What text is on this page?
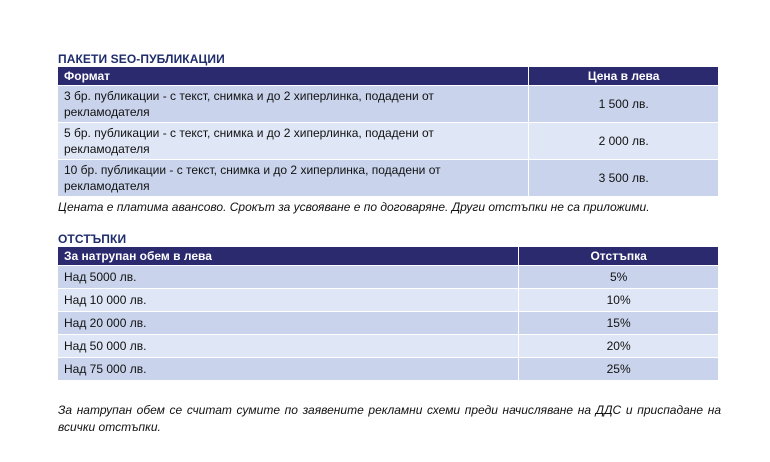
ПАКЕТИ SEO-ПУБЛИКАЦИИ
Формат	Цена в лева
3 бр. публикации - с текст, снимка и до 2 хиперлинка, подадени от рекламодателя	1 500 лв.
5 бр. публикации - с текст, снимка и до 2 хиперлинка, подадени от рекламодателя	2 000 лв.
10 бр. публикации - с текст, снимка и до 2 хиперлинка, подадени от рекламодателя	3 500 лв.
Цената е платима авансово. Срокът за усвояване е по договаряне. Други отстъпки не са приложими.
ОТСТЪПКИ
За натрупан обем в лева	Отстъпка
Над 5000 лв.	5%
Над 10 000 лв.	10%
Над 20 000 лв.	15%
Над 50 000 лв.	20%
Над 75 000 лв.	25%
За натрупан обем се считат сумите по заявените рекламни схеми преди начисляване на ДДС и приспадане на всички отстъпки.
